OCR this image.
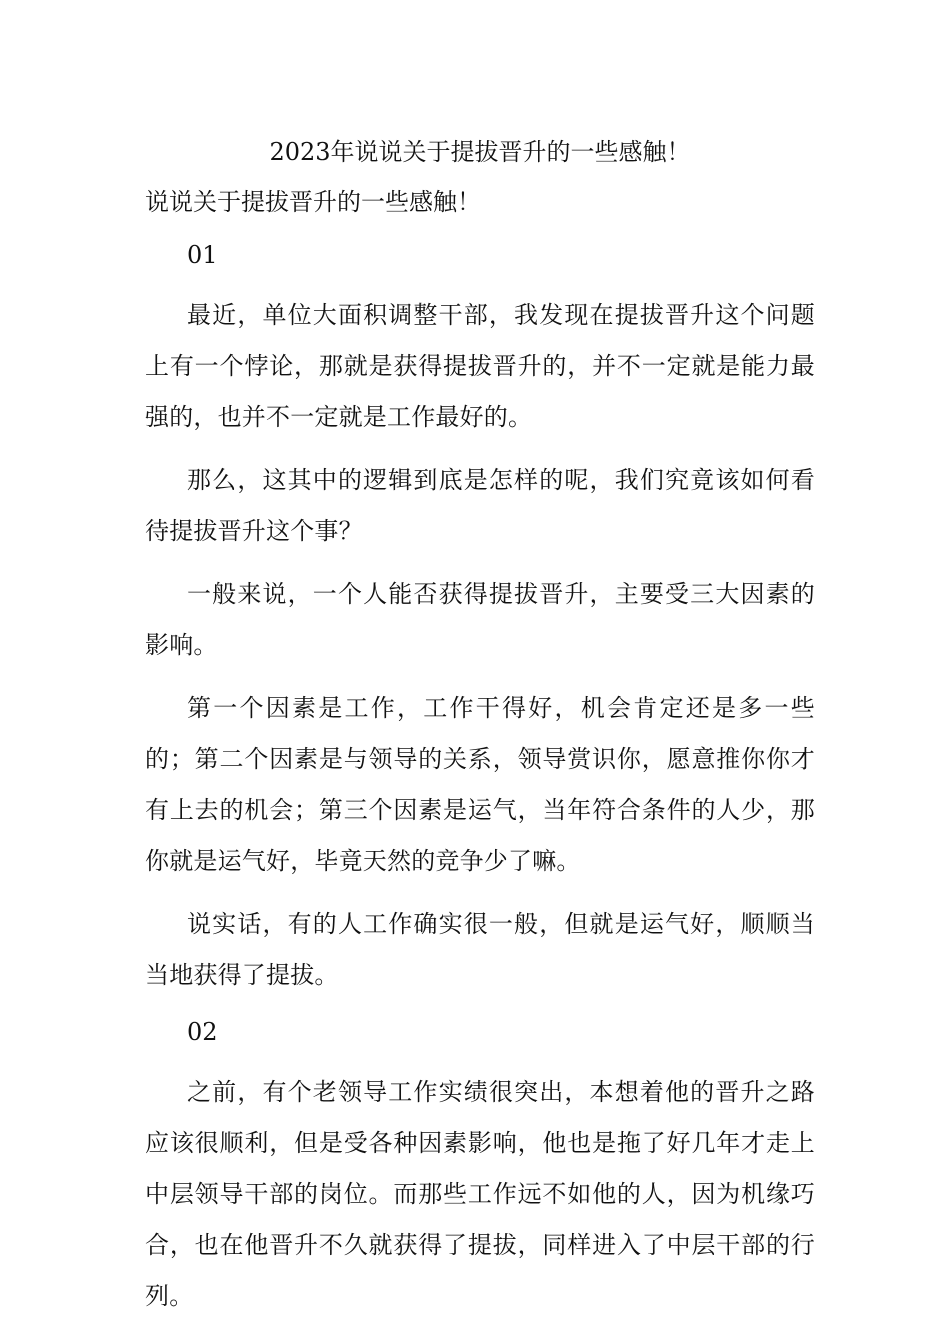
2023年说说关于提拔晋升的一些感触！

说说关于提拔晋升的一些感触！

01

最近，单位大面积调整干部，我发现在提拔晋升这个问题上有一个悖论，那就是获得提拔晋升的，并不一定就是能力最强的，也并不一定就是工作最好的。

那么，这其中的逻辑到底是怎样的呢，我们究竟该如何看待提拔晋升这个事？

一般来说，一个人能否获得提拔晋升，主要受三大因素的影响。

第一个因素是工作，工作干得好，机会肯定还是多一些的；第二个因素是与领导的关系，领导赏识你，愿意推你你才有上去的机会；第三个因素是运气，当年符合条件的人少，那你就是运气好，毕竟天然的竞争少了嘛。

说实话，有的人工作确实很一般，但就是运气好，顺顺当当地获得了提拔。

02

之前，有个老领导工作实绩很突出，本想着他的晋升之路应该很顺利，但是受各种因素影响，他也是拖了好几年才走上中层领导干部的岗位。而那些工作远不如他的人，因为机缘巧合，也在他晋升不久就获得了提拔，同样进入了中层干部的行列。
